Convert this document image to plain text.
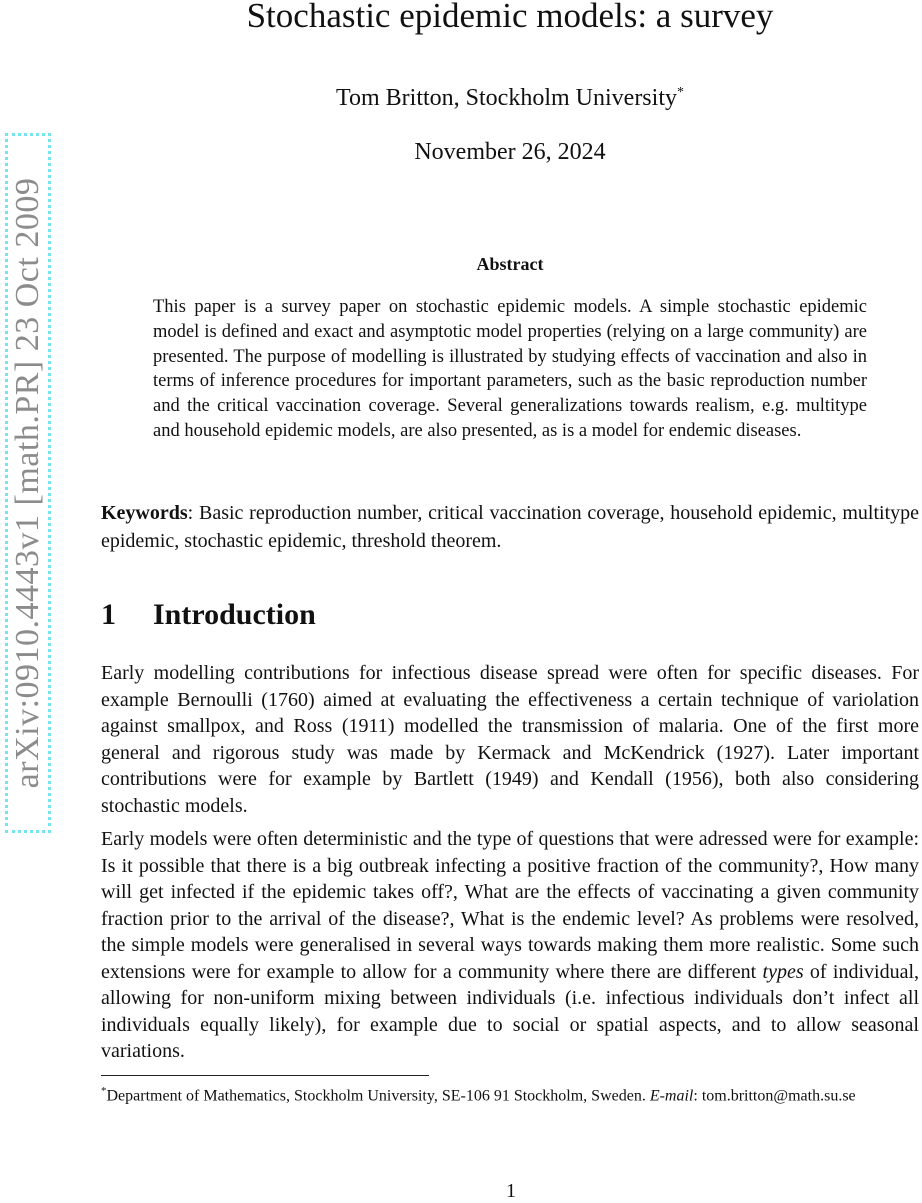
arXiv:0910.4443v1 [math.PR] 23 Oct 2009
Stochastic epidemic models: a survey
Tom Britton, Stockholm University*
November 26, 2024
Abstract
This paper is a survey paper on stochastic epidemic models. A simple stochastic epidemic model is defined and exact and asymptotic model properties (relying on a large community) are presented. The purpose of modelling is illustrated by studying effects of vaccination and also in terms of inference procedures for important parameters, such as the basic reproduction number and the critical vaccination coverage. Several generalizations towards realism, e.g. multitype and household epidemic models, are also presented, as is a model for endemic diseases.
Keywords: Basic reproduction number, critical vaccination coverage, household epidemic, multitype epidemic, stochastic epidemic, threshold theorem.
1 Introduction

Early modelling contributions for infectious disease spread were often for specific diseases. For example Bernoulli (1760) aimed at evaluating the effectiveness a certain technique of variolation against smallpox, and Ross (1911) modelled the transmission of malaria. One of the first more general and rigorous study was made by Kermack and McKendrick (1927). Later important contributions were for example by Bartlett (1949) and Kendall (1956), both also considering stochastic models.

Early models were often deterministic and the type of questions that were adressed were for example: Is it possible that there is a big outbreak infecting a positive fraction of the community?, How many will get infected if the epidemic takes off?, What are the effects of vaccinating a given community fraction prior to the arrival of the disease?, What is the endemic level? As problems were resolved, the simple models were generalised in several ways towards making them more realistic. Some such extensions were for example to allow for a community where there are different types of individual, allowing for non-uniform mixing between individuals (i.e. infectious individuals don’t infect all individuals equally likely), for example due to social or spatial aspects, and to allow seasonal variations.

*Department of Mathematics, Stockholm University, SE-106 91 Stockholm, Sweden. E-mail: tom.britton@math.su.se
1
